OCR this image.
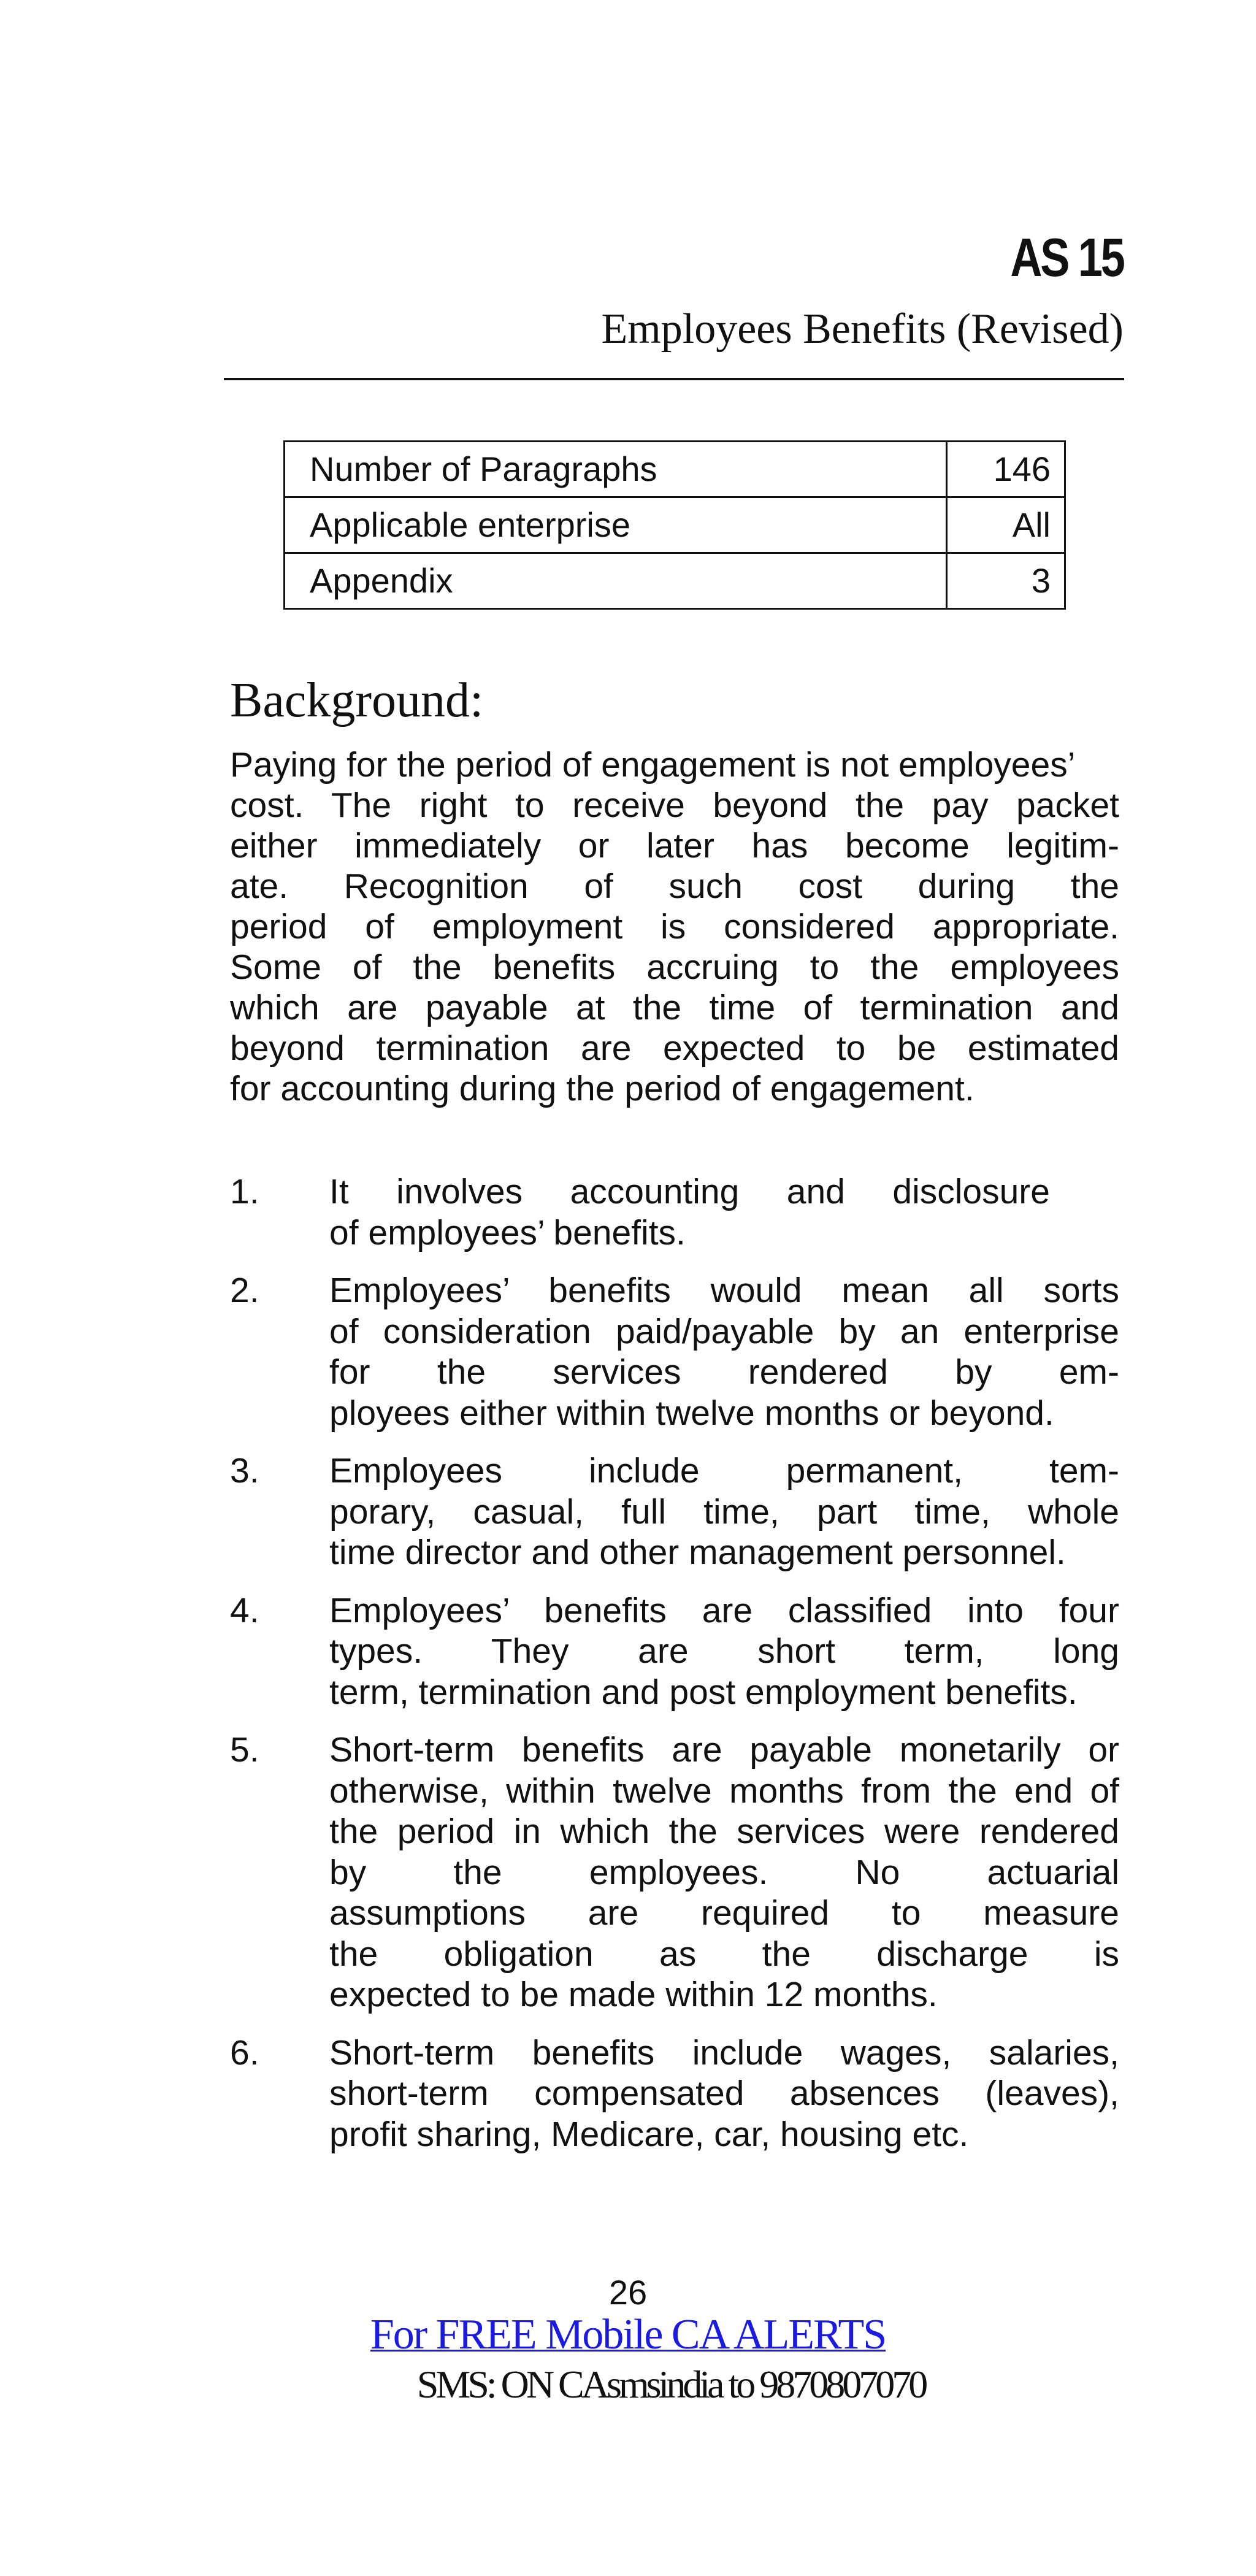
AS 15
Employees Benefits (Revised)
Number of Paragraphs	146
Applicable enterprise	All
Appendix	3
Background:
Paying for the period of engagement is not employees’
cost. The right to receive beyond the pay packet
either immediately or later has become legitim-
ate. Recognition of such cost during the
period of employment is considered appropriate.
Some of the benefits accruing to the employees
which are payable at the time of termination and
beyond termination are expected to be estimated
for accounting during the period of engagement.
1. It involves accounting and disclosure
of employees’ benefits.
2. Employees’ benefits would mean all sorts
of consideration paid/payable by an enterprise
for the services rendered by em-
ployees either within twelve months or beyond.
3. Employees include permanent, tem-
porary, casual, full time, part time, whole
time director and other management personnel.
4. Employees’ benefits are classified into four
types. They are short term, long
term, termination and post employment benefits.
5. Short-term benefits are payable monetarily or
otherwise, within twelve months from the end of
the period in which the services were rendered
by the employees. No actuarial
assumptions are required to measure
the obligation as the discharge is
expected to be made within 12 months.
6. Short-term benefits include wages, salaries,
short-term compensated absences (leaves),
profit sharing, Medicare, car, housing etc.
26
For FREE Mobile CA ALERTS
SMS: ON CAsmsindia to 9870807070
